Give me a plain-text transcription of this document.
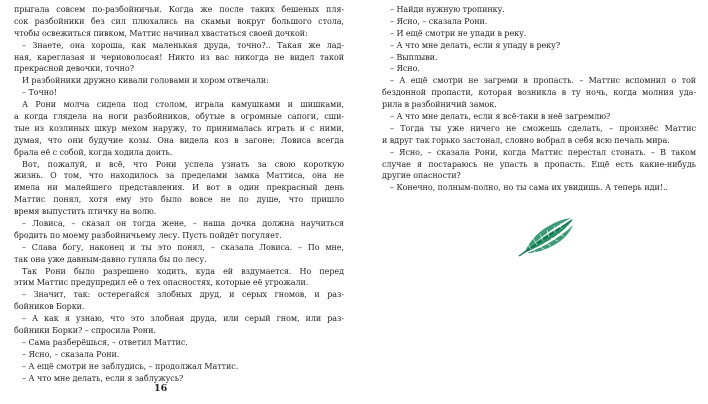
прыгала совсем по-разбойничьи. Когда же после таких бешеных пля-
сок разбойники без сил плюхались на скамьи вокруг большого стола,
чтобы освежиться пивком, Маттис начинал хвастаться своей дочкой:
– Знаете, она хороша, как маленькая друда, точно?.. Такая же лад-
ная, кареглазая и черноволосая! Никто из вас никогда не видел такой
прекрасной девочки, точно?
И разбойники дружно кивали головами и хором отвечали:
– Точно!
А Рони молча сидела под столом, играла камушками и шишками,
а когда глядела на ноги разбойников, обутые в огромные сапоги, сши-
тые из козлиных шкур мехом наружу, то принималась играть и с ними,
думая, что они будучие козы. Она видела коз в загоне: Ловиса всегда
брала её с собой, когда ходила доить.
Вот, пожалуй, и всё, что Рони успела узнать за свою короткую
жизнь. О том, что находилось за пределами замка Маттиса, она не
имела ни малейшего представления. И вот в один прекрасный день
Маттис понял, хотя ему это было вовсе не по душе, что пришло
время выпустить птичку на волю.
– Ловиса, – сказал он тогда жене, – наша дочка должна научиться
бродить по моему разбойничьему лесу. Пусть пойдёт погуляет.
– Слава богу, наконец и ты это понял, – сказала Ловиса. – По мне,
так она уже давным-давно гуляла бы по лесу.
Так Рони было разрешено ходить, куда ей вздумается. Но перед
этим Маттис предупредил её о тех опасностях, которые её угрожали.
– Значит, так: остерегайся злобных друд, и серых гномов, и раз-
бойников Борки.
– А как я узнаю, что это злобная друда, или серый гном, или раз-
бойники Борки? – спросила Рони.
– Сама разберёшься, – ответил Маттис.
– Ясно, – сказала Рони.
– А ещё смотри не заблудись, – продолжал Маттис.
– А что мне делать, если я заблужусь?
– Найди нужную тропинку.
– Ясно, – сказала Рони.
– И ещё смотри не упади в реку.
– А что мне делать, если я упаду в реку?
– Выплыви.
– Ясно.
– А ещё смотри не загреми в пропасть. – Маттис вспомнил о той
бездонной пропасти, которая возникла в ту ночь, когда молния уда-
рила в разбойничий замок.
– А что мне делать, если я всё-таки в неё загремлю?
– Тогда ты уже ничего не сможешь сделать, – произнёс Маттис
и вдруг так горько застонал, словно вобрал в себя всю печаль мира.
– Ясно, – сказала Рони, когда Маттис перестал стонать. – В таком
случае я постараюсь не упасть в пропасть. Ещё есть какие-нибудь
другие опасности?
– Конечно, полным-полно, но ты сама их увидишь. А теперь иди!..
16
